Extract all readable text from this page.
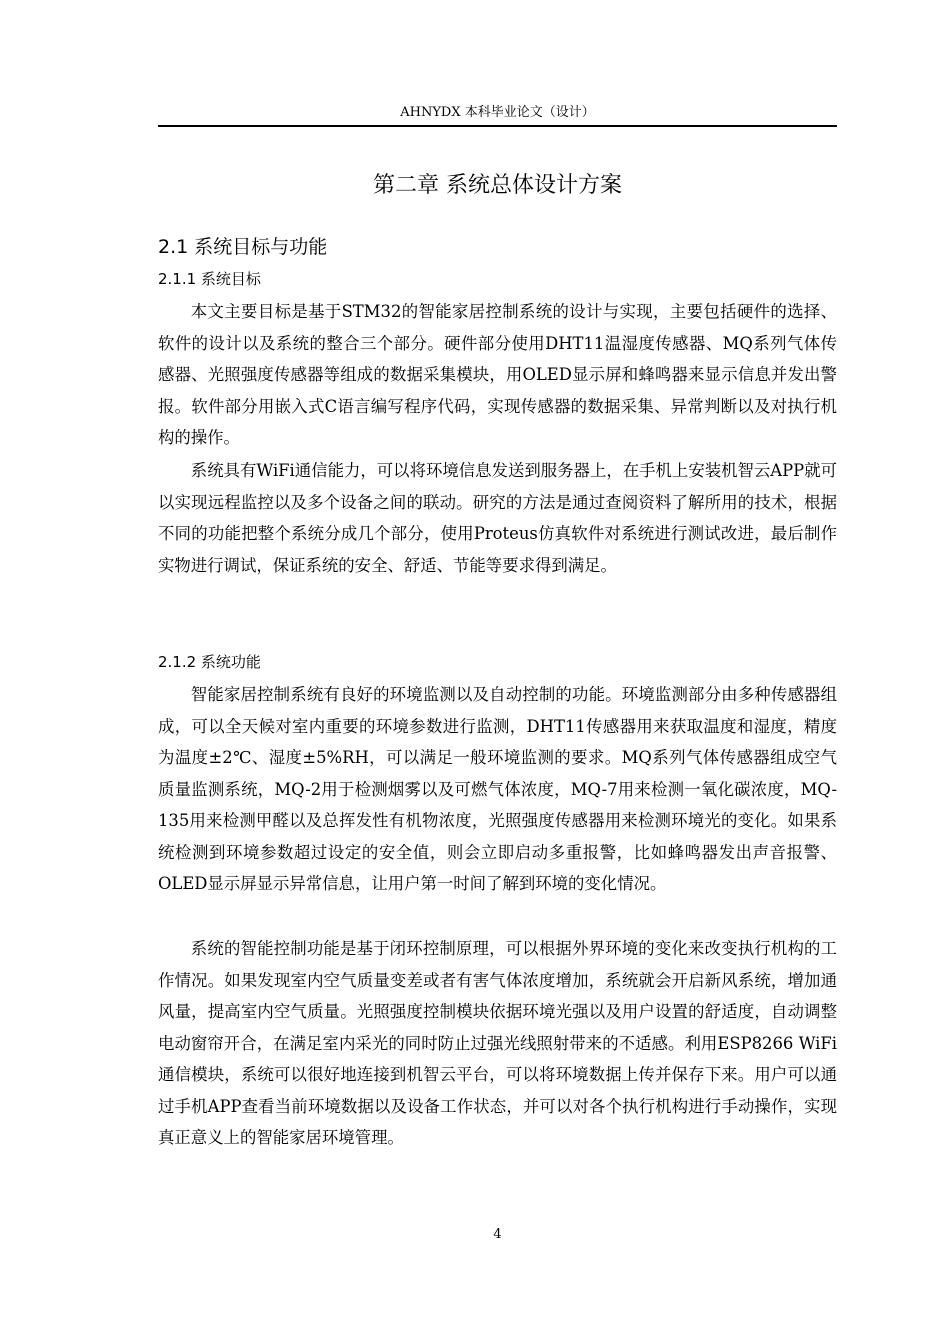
AHNYDX 本科毕业论文（设计）
第二章 系统总体设计方案
2.1 系统目标与功能
2.1.1 系统目标

本文主要目标是基于STM32的智能家居控制系统的设计与实现，主要包括硬件的选择、软件的设计以及系统的整合三个部分。硬件部分使用DHT11温湿度传感器、MQ系列气体传感器、光照强度传感器等组成的数据采集模块，用OLED显示屏和蜂鸣器来显示信息并发出警报。软件部分用嵌入式C语言编写程序代码，实现传感器的数据采集、异常判断以及对执行机构的操作。

系统具有WiFi通信能力，可以将环境信息发送到服务器上，在手机上安装机智云APP就可以实现远程监控以及多个设备之间的联动。研究的方法是通过查阅资料了解所用的技术，根据不同的功能把整个系统分成几个部分，使用Proteus仿真软件对系统进行测试改进，最后制作实物进行调试，保证系统的安全、舒适、节能等要求得到满足。

2.1.2 系统功能

智能家居控制系统有良好的环境监测以及自动控制的功能。环境监测部分由多种传感器组成，可以全天候对室内重要的环境参数进行监测，DHT11传感器用来获取温度和湿度，精度为温度±2℃、湿度±5%RH，可以满足一般环境监测的要求。MQ系列气体传感器组成空气质量监测系统，MQ-2用于检测烟雾以及可燃气体浓度，MQ-7用来检测一氧化碳浓度，MQ-135用来检测甲醛以及总挥发性有机物浓度，光照强度传感器用来检测环境光的变化。如果系统检测到环境参数超过设定的安全值，则会立即启动多重报警，比如蜂鸣器发出声音报警、OLED显示屏显示异常信息，让用户第一时间了解到环境的变化情况。

系统的智能控制功能是基于闭环控制原理，可以根据外界环境的变化来改变执行机构的工作情况。如果发现室内空气质量变差或者有害气体浓度增加，系统就会开启新风系统，增加通风量，提高室内空气质量。光照强度控制模块依据环境光强以及用户设置的舒适度，自动调整电动窗帘开合，在满足室内采光的同时防止过强光线照射带来的不适感。利用ESP8266 WiFi通信模块，系统可以很好地连接到机智云平台，可以将环境数据上传并保存下来。用户可以通过手机APP查看当前环境数据以及设备工作状态，并可以对各个执行机构进行手动操作，实现真正意义上的智能家居环境管理。

4
